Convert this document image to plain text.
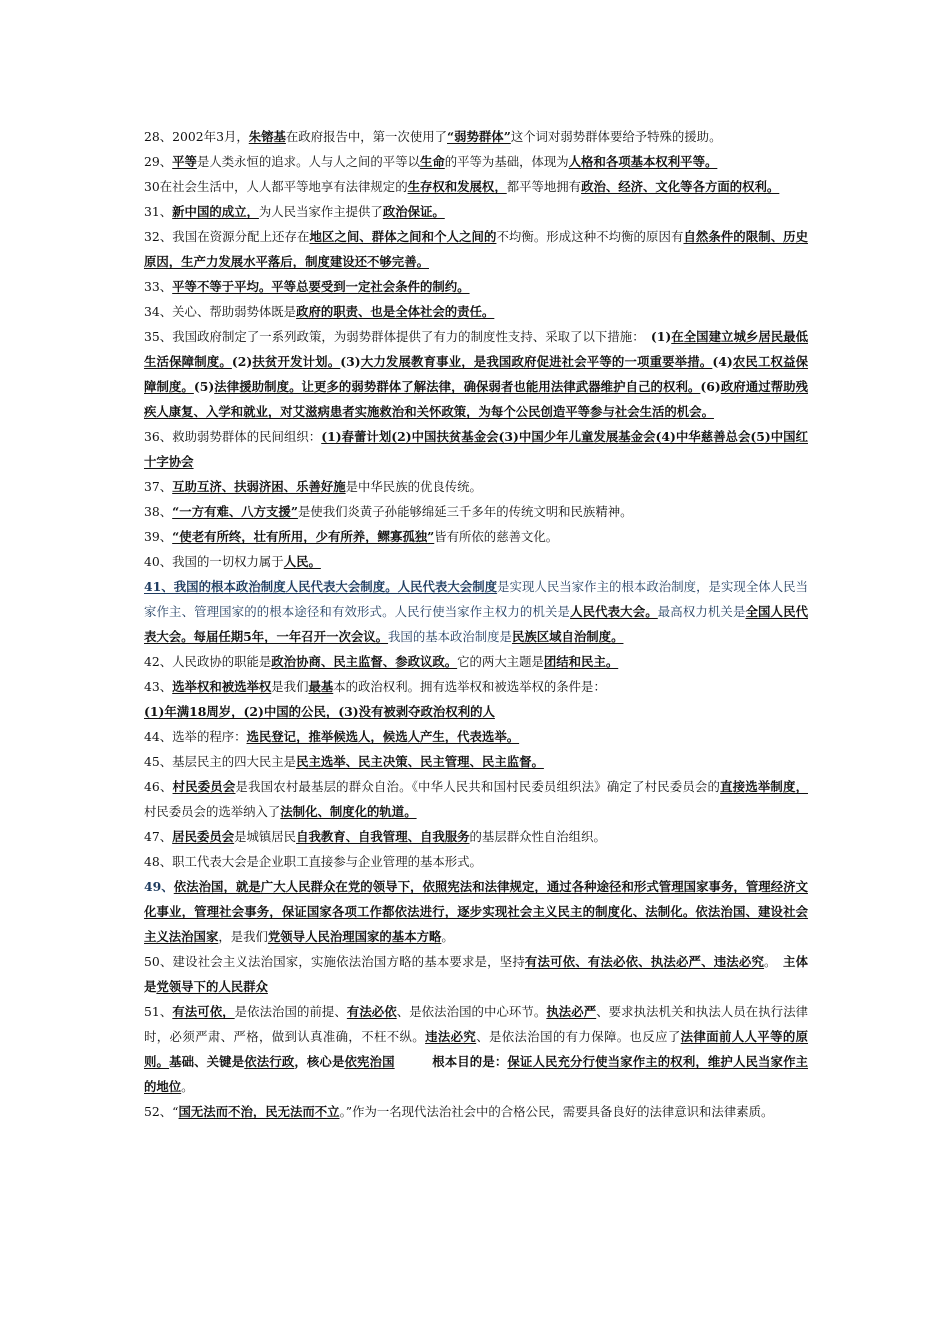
28、2002年3月，朱镕基在政府报告中，第一次使用了“弱势群体”这个词对弱势群体要给予特殊的援助。
29、平等是人类永恒的追求。人与人之间的平等以生命的平等为基础，体现为人格和各项基本权利平等。
30在社会生活中，人人都平等地享有法律规定的生存权和发展权，都平等地拥有政治、经济、文化等各方面的权利。
31、新中国的成立，为人民当家作主提供了政治保证。
32、我国在资源分配上还存在地区之间、群体之间和个人之间的不均衡。形成这种不均衡的原因有自然条件的限制、历史原因，生产力发展水平落后，制度建设还不够完善。
33、平等不等于平均。平等总要受到一定社会条件的制约。
34、关心、帮助弱势体既是政府的职责、也是全体社会的责任。
35、我国政府制定了一系列政策，为弱势群体提供了有力的制度性支持、采取了以下措施：　(1)在全国建立城乡居民最低生活保障制度。(2)扶贫开发计划。(3)大力发展教育事业，是我国政府促进社会平等的一项重要举措。(4)农民工权益保障制度。(5)法律援助制度。让更多的弱势群体了解法律，确保弱者也能用法律武器维护自己的权利。(6)政府通过帮助残疾人康复、入学和就业，对艾滋病患者实施救治和关怀政策，为每个公民创造平等参与社会生活的机会。
36、救助弱势群体的民间组织：(1)春蕾计划(2)中国扶贫基金会(3)中国少年儿童发展基金会(4)中华慈善总会(5)中国红十字协会
37、互助互济、扶弱济困、乐善好施是中华民族的优良传统。
38、“一方有难、八方支援”是使我们炎黄子孙能够绵延三千多年的传统文明和民族精神。
39、“使老有所终，壮有所用，少有所养，鳏寡孤独”皆有所依的慈善文化。
40、我国的一切权力属于人民。
41、我国的根本政治制度人民代表大会制度。人民代表大会制度是实现人民当家作主的根本政治制度，是实现全体人民当家作主、管理国家的的根本途径和有效形式。人民行使当家作主权力的机关是人民代表大会。最高权力机关是全国人民代表大会。每届任期5年，一年召开一次会议。我国的基本政治制度是民族区域自治制度。
42、人民政协的职能是政治协商、民主监督、参政议政。它的两大主题是团结和民主。
43、选举权和被选举权是我们最基本的政治权利。拥有选举权和被选举权的条件是：
(1)年满18周岁，(2)中国的公民，(3)没有被剥夺政治权利的人
44、选举的程序：选民登记，推举候选人，候选人产生，代表选举。
45、基层民主的四大民主是民主选举、民主决策、民主管理、民主监督。
46、村民委员会是我国农村最基层的群众自治。《中华人民共和国村民委员组织法》确定了村民委员会的直接选举制度，村民委员会的选举纳入了法制化、制度化的轨道。
47、居民委员会是城镇居民自我教育、自我管理、自我服务的基层群众性自治组织。
48、职工代表大会是企业职工直接参与企业管理的基本形式。
49、依法治国，就是广大人民群众在党的领导下，依照宪法和法律规定，通过各种途径和形式管理国家事务，管理经济文化事业，管理社会事务，保证国家各项工作都依法进行，逐步实现社会主义民主的制度化、法制化。依法治国、建设社会主义法治国家，是我们党领导人民治理国家的基本方略。
50、建设社会主义法治国家，实施依法治国方略的基本要求是，坚持有法可依、有法必依、执法必严、违法必究。　主体是党领导下的人民群众
51、有法可依，是依法治国的前提、有法必依、是依法治国的中心环节。执法必严、要求执法机关和执法人员在执行法律时，必须严肃、严格，做到认真准确，不枉不纵。违法必究、是依法治国的有力保障。也反应了法律面前人人平等的原则。基础、关键是依法行政，核心是依宪治国　　　根本目的是：保证人民充分行使当家作主的权利，维护人民当家作主的地位。
52、“国无法而不治，民无法而不立。”作为一名现代法治社会中的合格公民，需要具备良好的法律意识和法律素质。
